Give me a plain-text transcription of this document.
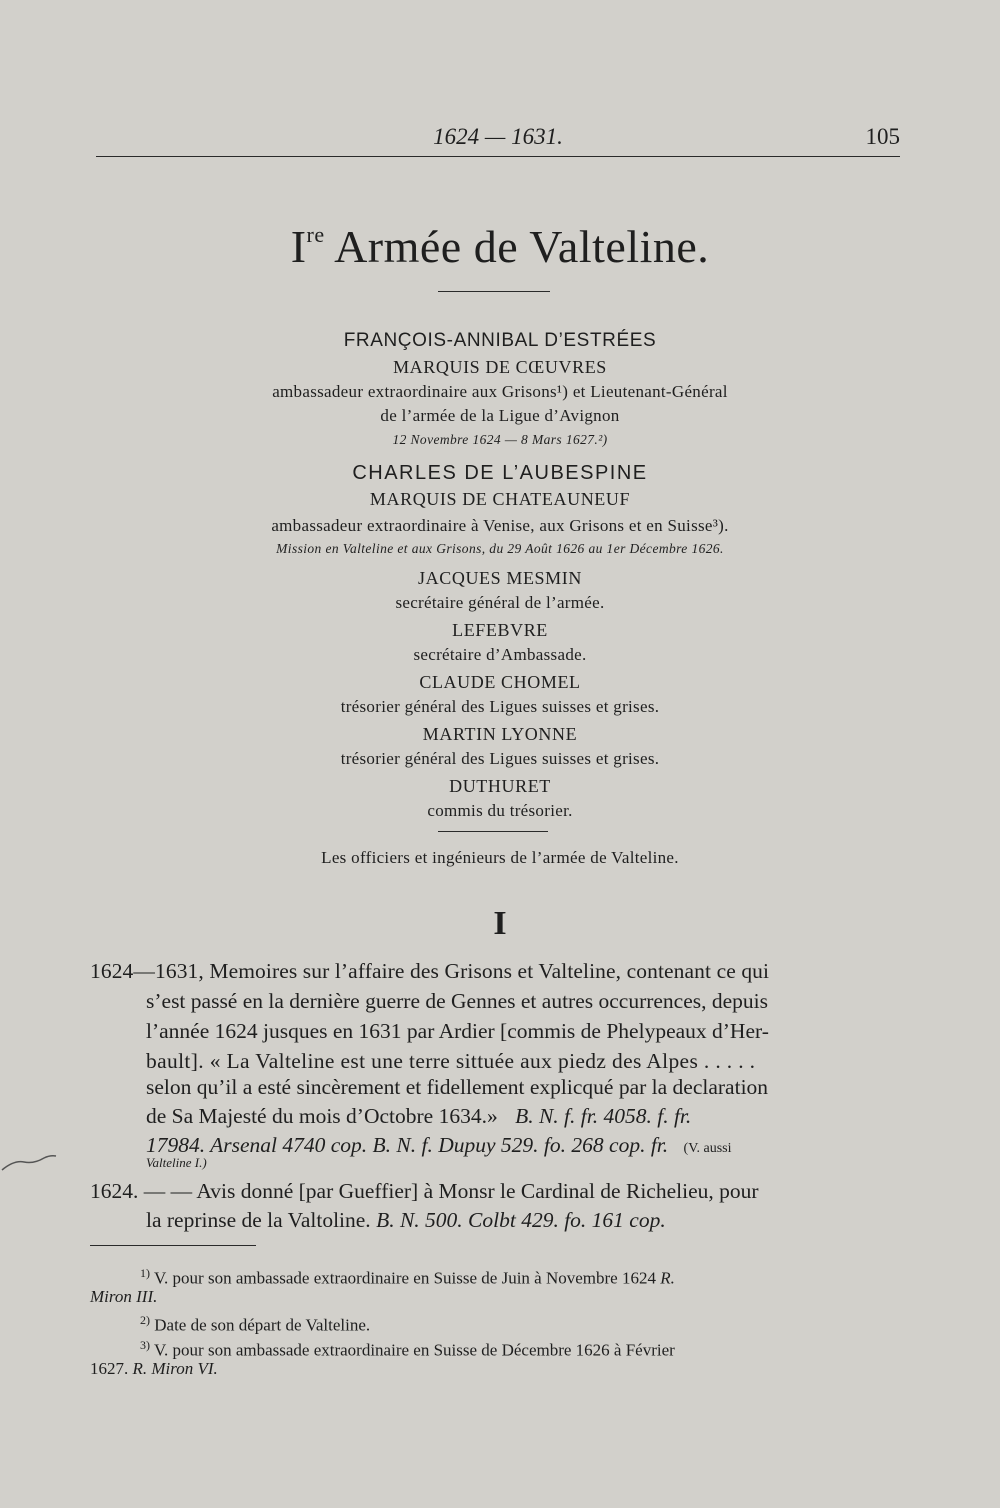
1624 — 1631.	105
Ire Armée de Valteline.
FRANÇOIS-ANNIBAL D’ESTRÉES
MARQUIS DE CŒUVRES
ambassadeur extraordinaire aux Grisons¹) et Lieutenant-Général
de l’armée de la Ligue d’Avignon
12 Novembre 1624 — 8 Mars 1627.²)
CHARLES DE L’AUBESPINE
MARQUIS DE CHATEAUNEUF
ambassadeur extraordinaire à Venise, aux Grisons et en Suisse³).
Mission en Valteline et aux Grisons, du 29 Août 1626 au 1er Décembre 1626.
JACQUES MESMIN
secrétaire général de l’armée.
LEFEBVRE
secrétaire d’Ambassade.
CLAUDE CHOMEL
trésorier général des Ligues suisses et grises.
MARTIN LYONNE
trésorier général des Ligues suisses et grises.
DUTHURET
commis du trésorier.
Les officiers et ingénieurs de l’armée de Valteline.
I
1624—1631, Memoires sur l’affaire des Grisons et Valteline, contenant ce qui
s’est passé en la dernière guerre de Gennes et autres occurrences, depuis
l’année 1624 jusques en 1631 par Ardier [commis de Phelypeaux d’Her-
bault]. « La Valteline est une terre sittuée aux piedz des Alpes . . . . .
selon qu’il a esté sincèrement et fidellement explicqué par la declaration
de Sa Majesté du mois d’Octobre 1634.» B. N. f. fr. 4058. f. fr.
17984. Arsenal 4740 cop. B. N. f. Dupuy 529. fo. 268 cop. fr. (V. aussi
Valteline I.)
1624. — — Avis donné [par Gueffier] à Monsr le Cardinal de Richelieu, pour
la reprinse de la Valtoline. B. N. 500. Colbt 429. fo. 161 cop.
$^{1)}$ V. pour son ambassade extraordinaire en Suisse de Juin à Novembre 1624 R.
Miron III.
$^{2)}$ Date de son départ de Valteline.
$^{3)}$ V. pour son ambassade extraordinaire en Suisse de Décembre 1626 à Février
1627. R. Miron VI.
